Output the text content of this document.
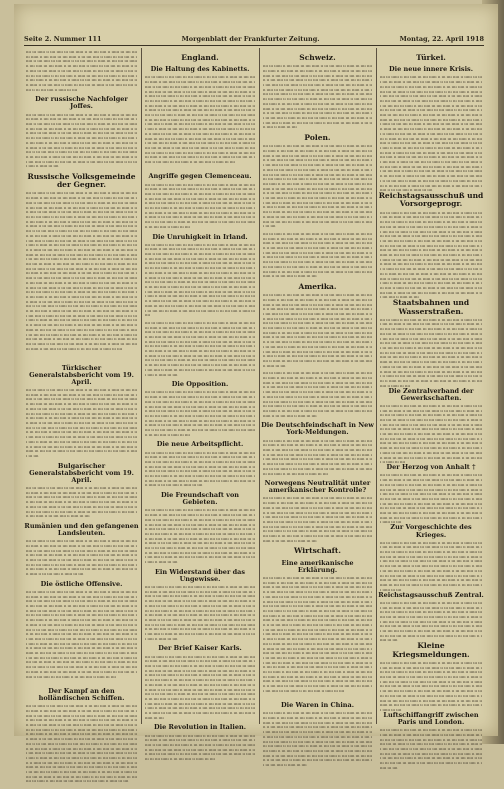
Seite 2. Nummer 111	Morgenblatt der Frankfurter Zeitung.	Montag, 22. April 1918
ıııı ııı ıııııı ıı ıııı ııııı ııı ıııı ıııııı ıı ııı ıııı ııııı ıı ıııııı ııı ıııı ıııı ııı ıııııı ıı ıııı ııııı ııı ıııı ıııııı ıı ııı ıııı ııııı ıı ıııııı ııı ıııı ıııı ııı ıııııı ıı ıııı ııııı ııı ıııı ıııııı ıı ııı ıııı ııııı ıı ıııııı ııı ıııı ıııı ııı ıııııı ıı ıııı ııııı ııı ıııı ıııııı ıı ııı ıııı ııııı ıı ıııııı ııı ıııı ıııı ııı ıııııı ıı ıııı ııııı ııı ıııı ıııııı ıı ııı ıııı ııııı ıı ıııııı ııı ıııı ıııı ııı ıııııı ıı ıııı ııııı ııı ıııı ıııııı ıı ııı ıııı ııııı ıı ıııııı ııı ıııı ıııı ııı ıııııı ıı ıııı ııııı ııı ıııı ıııııı ıı ııı ıııı ııııı ıı ıııııı ııı ıııı ıııı ııı ıııııı ıı ıııı ııııı ııı ıııı ıııııı ıı ııı ıııı ııııı ıı ıııııı ııı ıııı ıııı ııı ıııııı ıı ıııı ııııı ııı ıııı ıııııı ıı ııı ıııı ııııı ıı ıııııı ııı ıııı
Der russische Nachfolger Joffes.
ıııı ııı ıııııı ıı ıııı ııııı ııı ıııı ıııııı ıı ııı ıııı ııııı ıı ıııııı ııı ıııı ıııı ııı ıııııı ıı ıııı ııııı ııı ıııı ıııııı ıı ııı ıııı ııııı ıı ıııııı ııı ıııı ıııı ııı ıııııı ıı ıııı ııııı ııı ıııı ıııııı ıı ııı ıııı ııııı ıı ıııııı ııı ıııı ıııı ııı ıııııı ıı ıııı ııııı ııı ıııı ıııııı ıı ııı ıııı ııııı ıı ıııııı ııı ıııı ıııı ııı ıııııı ıı ıııı ııııı ııı ıııı ıııııı ıı ııı ıııı ııııı ıı ıııııı ııı ıııı ıııı ııı ıııııı ıı ıııı ııııı ııı ıııı ıııııı ıı ııı ıııı ııııı ıı ıııııı ııı ıııı ıııı ııı ıııııı ıı ıııı ııııı ııı ıııı ıııııı ıı ııı ıııı ııııı ıı ıııııı ııı ıııı ıııı ııı ıııııı ıı ıııı ııııı ııı ıııı ıııııı ıı ııı ıııı ııııı ıı ıııııı ııı ıııı ıııı ııı ıııııı ıı ıııı ııııı ııı ıııı ıııııı ıı ııı ıııı ııııı ıı ıııııı ııı ıııı ıııı ııı ıııııı ıı ıııı ııııı ııı ıııı ıııııı ıı ııı ıııı ııııı ıı ıııııı ııı ıııı ıııı ııı ıııııı ıı ıııı ııııı ııı ıııı ıııııı ıı ııı ıııı ııııı ıı ıııııı ııı ıııı ıııı ııı ıııııı ıı ıııı ııııı ııı ıııı ıııııı ıı ııı ıııı ııııı ıı ıııııı ııı ıııı
Russische Volksgemeinde der Gegner.
ıııı ııı ıııııı ıı ıııı ııııı ııı ıııı ıııııı ıı ııı ıııı ııııı ıı ıııııı ııı ıııı ıııı ııı ıııııı ıı ıııı ııııı ııı ıııı ıııııı ıı ııı ıııı ııııı ıı ıııııı ııı ıııı ıııı ııı ıııııı ıı ıııı ııııı ııı ıııı ıııııı ıı ııı ıııı ııııı ıı ıııııı ııı ıııı ıııı ııı ıııııı ıı ıııı ııııı ııı ıııı ıııııı ıı ııı ıııı ııııı ıı ıııııı ııı ıııı ıııı ııı ıııııı ıı ıııı ııııı ııı ıııı ıııııı ıı ııı ıııı ııııı ıı ıııııı ııı ıııı ıııı ııı ıııııı ıı ıııı ııııı ııı ıııı ıııııı ıı ııı ıııı ııııı ıı ıııııı ııı ıııı ıııı ııı ıııııı ıı ıııı ııııı ııı ıııı ıııııı ıı ııı ıııı ııııı ıı ıııııı ııı ıııı ıııı ııı ıııııı ıı ıııı ııııı ııı ıııı ıııııı ıı ııı ıııı ııııı ıı ıııııı ııı ıııı ıııı ııı ıııııı ıı ıııı ııııı ııı ıııı ıııııı ıı ııı ıııı ııııı ıı ıııııı ııı ıııı ıııı ııı ıııııı ıı ıııı ııııı ııı ıııı ıııııı ıı ııı ıııı ııııı ıı ıııııı ııı ıııı ıııı ııı ıııııı ıı ıııı ııııı ııı ıııı ıııııı ıı ııı ıııı ııııı ıı ıııııı ııı ıııı ıııı ııı ıııııı ıı ıııı ııııı ııı ıııı ıııııı ıı ııı ıııı ııııı ıı ıııııı ııı ıııı ıııı ııı ıııııı ıı ıııı ııııı ııı ıııı ıııııı ıı ııı ıııı ııııı ıı ıııııı ııı ıııı ıııı ııı ıııııı ıı ıııı ııııı ııı ıııı ıııııı ıı ııı ıııı ııııı ıı ıııııı ııı ıııı ıııı ııı ıııııı ıı ıııı ııııı ııı ıııı ıııııı ıı ııı ıııı ııııı ıı ıııııı ııı ıııı ıııı ııı ıııııı ıı ıııı ııııı ııı ıııı ıııııı ıı ııı ıııı ııııı ıı ıııııı ııı ıııı ıııı ııı ıııııı ıı ıııı ııııı ııı ıııı ıııııı ıı ııı ıııı ııııı ıı ıııııı ııı ıııı ıııı ııı ıııııı ıı ıııı ııııı ııı ıııı ıııııı ıı ııı ıııı ııııı ıı ıııııı ııı ıııı ıııı ııı ıııııı ıı ıııı ııııı ııı ıııı ıııııı ıı ııı ıııı ııııı ıı ıııııı ııı ıııı ıııı ııı ıııııı ıı ıııı ııııı ııı ıııı ıııııı ıı ııı ıııı ııııı ıı ıııııı ııı ıııı ıııı ııı ıııııı ıı ıııı ııııı ııı ıııı ıııııı ıı ııı ıııı ııııı ıı ıııııı ııı ıııı ıııı ııı ıııııı ıı ıııı ııııı ııı ıııı ıııııı ıı ııı ıııı ııııı ıı ıııııı ııı ıııı ıııı ııı ıııııı ıı ıııı ııııı ııı ıııı ıııııı ıı ııı ıııı ııııı ıı ıııııı ııı ıııı ıııı ııı ıııııı ıı ıııı ııııı ııı ıııı ıııııı ıı ııı ıııı ııııı ıı ıııııı ııı ıııı ıııı ııı ıııııı ıı ıııı ııııı ııı ıııı ıııııı ıı ııı ıııı ııııı ıı ıııııı ııı ıııı ıııı ııı ıııııı ıı ıııı ııııı ııı ıııı ıııııı ıı ııı ıııı ııııı ıı ıııııı ııı ıııı ıııı ııı ıııııı ıı ıııı ııııı ııı ıııı ıııııı ıı ııı ıııı ııııı ıı ıııııı ııı ıııı ıııı ııı ıııııı ıı ıııı ııııı ııı ıııı ıııııı ıı ııı ıııı ııııı ıı ıııııı ııı ıııı ıııı ııı ıııııı ıı ıııı ııııı ııı ıııı ıııııı ıı ııı ıııı ııııı ıı ıııııı ııı ıııı ıııı ııı ıııııı ıı ıııı ııııı ııı ıııı ıııııı ıı ııı ıııı ııııı ıı ıııııı ııı ıııı ıııı ııı ıııııı ıı ıııı ııııı ııı ıııı ıııııı ıı ııı ıııı ııııı ıı ıııııı ııı ıııı ıııı ııı ıııııı ıı ıııı ııııı ııı ıııı ıııııı ıı ııı ıııı ııııı ıı ıııııı ııı ıııı ıııı ııı ıııııı ıı ıııı ııııı ııı ıııı ıııııı ıı ııı ıııı ııııı ıı ıııııı ııı ıııı ıııı ııı ıııııı ıı ıııı ııııı ııı ıııı ıııııı ıı ııı ıııı ııııı ıı ıııııı ııı ıııı ıııı ııı ıııııı ıı ıııı ııııı ııı ıııı ıııııı ıı ııı ıııı ııııı ıı ıııııı ııı ıııı ıııı ııı ıııııı ıı ıııı ııııı ııı ıııı ıııııı ıı ııı ıııı ııııı ıı ıııııı ııı ıııı
Türkischer Generalstabsbericht vom 19. April.
ıııı ııı ıııııı ıı ıııı ııııı ııı ıııı ıııııı ıı ııı ıııı ııııı ıı ıııııı ııı ıııı ıııı ııı ıııııı ıı ıııı ııııı ııı ıııı ıııııı ıı ııı ıııı ııııı ıı ıııııı ııı ıııı ıııı ııı ıııııı ıı ıııı ııııı ııı ıııı ıııııı ıı ııı ıııı ııııı ıı ıııııı ııı ıııı ıııı ııı ıııııı ıı ıııı ııııı ııı ıııı ıııııı ıı ııı ıııı ııııı ıı ıııııı ııı ıııı ıııı ııı ıııııı ıı ıııı ııııı ııı ıııı ıııııı ıı ııı ıııı ııııı ıı ıııııı ııı ıııı ıııı ııı ıııııı ıı ıııı ııııı ııı ıııı ıııııı ıı ııı ıııı ııııı ıı ıııııı ııı ıııı ıııı ııı ıııııı ıı ıııı ııııı ııı ıııı ıııııı ıı ııı ıııı ııııı ıı ıııııı ııı ıııı ıııı ııı ıııııı ıı ıııı ııııı ııı ıııı ıııııı ıı ııı ıııı ııııı ıı ıııııı ııı ıııı ıııı ııı ıııııı ıı ıııı ııııı ııı ıııı ıııııı ıı ııı ıııı ııııı ıı ıııııı ııı ıııı ıııı ııı ıııııı ıı ıııı ııııı ııı ıııı ıııııı ıı ııı ıııı ııııı ıı ıııııı ııı ıııı ıııı ııı ıııııı ıı ıııı ııııı ııı ıııı ıııııı ıı ııı ıııı ııııı ıı ıııııı ııı ıııı ıııı ııı ıııııı ıı ıııı ııııı ııı ıııı ıııııı ıı ııı ıııı ııııı ıı ıııııı ııı ıııı ıııı ııı ıııııı ıı ıııı ııııı ııı ıııı ıııııı ıı ııı ıııı ııııı ıı ıııııı ııı ıııı ıııı ııı ıııııı ıı ıııı ııııı ııı ıııı ıııııı ıı ııı ıııı ııııı ıı ıııııı ııı ıııı ıııı ııı ıııııı ıı ıııı ııııı ııı ıııı ıııııı ıı ııı ıııı ııııı ıı ıııııı ııı ıııı
Bulgarischer Generalstabsbericht vom 19. April.
ıııı ııı ıııııı ıı ıııı ııııı ııı ıııı ıııııı ıı ııı ıııı ııııı ıı ıııııı ııı ıııı ıııı ııı ıııııı ıı ıııı ııııı ııı ıııı ıııııı ıı ııı ıııı ııııı ıı ıııııı ııı ıııı ıııı ııı ıııııı ıı ıııı ııııı ııı ıııı ıııııı ıı ııı ıııı ııııı ıı ıııııı ııı ıııı ıııı ııı ıııııı ıı ıııı ııııı ııı ıııı ıııııı ıı ııı ıııı ııııı ıı ıııııı ııı ıııı ıııı ııı ıııııı ıı ıııı ııııı ııı ıııı ıııııı ıı ııı ıııı ııııı ıı ıııııı ııı ıııı ıııı ııı ıııııı ıı ıııı ııııı ııı ıııı ıııııı ıı ııı ıııı ııııı ıı ıııııı ııı ıııı ıııı ııı ıııııı ıı ıııı ııııı ııı ıııı ıııııı ıı ııı ıııı ııııı ıı ıııııı ııı ıııı
Rumänien und den gefangenen Landsleuten.
ıııı ııı ıııııı ıı ıııı ııııı ııı ıııı ıııııı ıı ııı ıııı ııııı ıı ıııııı ııı ıııı ıııı ııı ıııııı ıı ıııı ııııı ııı ıııı ıııııı ıı ııı ıııı ııııı ıı ıııııı ııı ıııı ıııı ııı ıııııı ıı ıııı ııııı ııı ıııı ıııııı ıı ııı ıııı ııııı ıı ıııııı ııı ıııı ıııı ııı ıııııı ıı ıııı ııııı ııı ıııı ıııııı ıı ııı ıııı ııııı ıı ıııııı ııı ıııı ıııı ııı ıııııı ıı ıııı ııııı ııı ıııı ıııııı ıı ııı ıııı ııııı ıı ıııııı ııı ıııı ıııı ııı ıııııı ıı ıııı ııııı ııı ıııı ıııııı ıı ııı ıııı ııııı ıı ıııııı ııı ıııı ıııı ııı ıııııı ıı ıııı ııııı ııı ıııı ıııııı ıı ııı ıııı ııııı ıı ıııııı ııı ıııı ıııı ııı ıııııı ıı ıııı ııııı ııı ıııı ıııııı ıı ııı ıııı ııııı ıı ıııııı ııı ıııı
Die östliche Offensive.
ıııı ııı ıııııı ıı ıııı ııııı ııı ıııı ıııııı ıı ııı ıııı ııııı ıı ıııııı ııı ıııı ıııı ııı ıııııı ıı ıııı ııııı ııı ıııı ıııııı ıı ııı ıııı ııııı ıı ıııııı ııı ıııı ıııı ııı ıııııı ıı ıııı ııııı ııı ıııı ıııııı ıı ııı ıııı ııııı ıı ıııııı ııı ıııı ıııı ııı ıııııı ıı ıııı ııııı ııı ıııı ıııııı ıı ııı ıııı ııııı ıı ıııııı ııı ıııı ıııı ııı ıııııı ıı ıııı ııııı ııı ıııı ıııııı ıı ııı ıııı ııııı ıı ıııııı ııı ıııı ıııı ııı ıııııı ıı ıııı ııııı ııı ıııı ıııııı ıı ııı ıııı ııııı ıı ıııııı ııı ıııı ıııı ııı ıııııı ıı ıııı ııııı ııı ıııı ıııııı ıı ııı ıııı ııııı ıı ıııııı ııı ıııı ıııı ııı ıııııı ıı ıııı ııııı ııı ıııı ıııııı ıı ııı ıııı ııııı ıı ıııııı ııı ıııı ıııı ııı ıııııı ıı ıııı ııııı ııı ıııı ıııııı ıı ııı ıııı ııııı ıı ıııııı ııı ıııı ıııı ııı ıııııı ıı ıııı ııııı ııı ıııı ıııııı ıı ııı ıııı ııııı ıı ıııııı ııı ıııı ıııı ııı ıııııı ıı ıııı ııııı ııı ıııı ıııııı ıı ııı ıııı ııııı ıı ıııııı ııı ıııı ıııı ııı ıııııı ıı ıııı ııııı ııı ıııı ıııııı ıı ııı ıııı ııııı ıı ıııııı ııı ıııı ıııı ııı ıııııı ıı ıııı ııııı ııı ıııı ıııııı ıı ııı ıııı ııııı ıı ıııııı ııı ıııı ıııı ııı ıııııı ıı ıııı ııııı ııı ıııı ıııııı ıı ııı ıııı ııııı ıı ıııııı ııı ıııı ıııı ııı ıııııı ıı ıııı ııııı ııı ıııı ıııııı ıı ııı ıııı ııııı ıı ıııııı ııı ıııı ıııı ııı ıııııı ıı ıııı ııııı ııı ıııı ıııııı ıı ııı ıııı ııııı ıı ıııııı ııı ıııı ıııı ııı ıııııı ıı ıııı ııııı ııı ıııı ıııııı ıı ııı ıııı ııııı ıı ıııııı ııı ıııı ıııı ııı ıııııı ıı ıııı ııııı ııı ıııı ıııııı ıı ııı ıııı ııııı ıı ıııııı ııı ıııı ıııı ııı ıııııı ıı ıııı ııııı ııı ıııı ıııııı ıı ııı ıııı ııııı ıı ıııııı ııı ıııı ıııı ııı ıııııı ıı ıııı ııııı ııı ıııı ıııııı ıı ııı ıııı ııııı ıı ıııııı ııı ıııı
Der Kampf an den holländischen Schiffen.
ıııı ııı ıııııı ıı ıııı ııııı ııı ıııı ıııııı ıı ııı ıııı ııııı ıı ıııııı ııı ıııı ıııı ııı ıııııı ıı ıııı ııııı ııı ıııı ıııııı ıı ııı ıııı ııııı ıı ıııııı ııı ıııı ıııı ııı ıııııı ıı ıııı ııııı ııı ıııı ıııııı ıı ııı ıııı ııııı ıı ıııııı ııı ıııı ıııı ııı ıııııı ıı ıııı ııııı ııı ıııı ıııııı ıı ııı ıııı ııııı ıı ıııııı ııı ıııı ıııı ııı ıııııı ıı ıııı ııııı ııı ıııı ıııııı ıı ııı ıııı ııııı ıı ıııııı ııı ıııı ıııı ııı ıııııı ıı ıııı ııııı ııı ıııı ıııııı ıı ııı ıııı ııııı ıı ıııııı ııı ıııı ıııı ııı ıııııı ıı ıııı ııııı ııı ıııı ıııııı ıı ııı ıııı ııııı ıı ıııııı ııı ıııı ıııı ııı ıııııı ıı ıııı ııııı ııı ıııı ıııııı ıı ııı ıııı ııııı ıı ıııııı ııı ıııı ıııı ııı ıııııı ıı ıııı ııııı ııı ıııı ıııııı ıı ııı ıııı ııııı ıı ıııııı ııı ıııı ıııı ııı ıııııı ıı ıııı ııııı ııı ıııı ıııııı ıı ııı ıııı ııııı ıı ıııııı ııı ıııı ıııı ııı ıııııı ıı ıııı ııııı ııı ıııı ıııııı ıı ııı ıııı ııııı ıı ıııııı ııı ıııı ıııı ııı ıııııı ıı ıııı ııııı ııı ıııı ıııııı ıı ııı ıııı ııııı ıı ıııııı ııı ıııı ıııı ııı ıııııı ıı ıııı ııııı ııı ıııı ıııııı ıı ııı ıııı ııııı ıı ıııııı ııı ıııı ıııı ııı ıııııı ıı ıııı ııııı ııı ıııı ıııııı ıı ııı ıııı ııııı ıı ıııııı ııı ıııı ıııı ııı ıııııı ıı ıııı ııııı ııı ıııı ıııııı ıı ııı ıııı ııııı ıı ıııııı ııı ıııı ıııı ııı ıııııı ıı ıııı ııııı ııı ıııı ıııııı ıı ııı ıııı ııııı ıı ıııııı ııı ıııı ıııı ııı ıııııı ıı ıııı ııııı ııı ıııı ıııııı ıı ııı ıııı ııııı ıı ıııııı ııı ıııı ıııı ııı ıııııı ıı ıııı ııııı ııı ıııı ıııııı ıı ııı ıııı ııııı ıı ıııııı ııı ıııı
England.
Die Haltung des Kabinetts.
ıııı ııı ıııııı ıı ıııı ııııı ııı ıııı ıııııı ıı ııı ıııı ııııı ıı ıııııı ııı ıııı ıııı ııı ıııııı ıı ıııı ııııı ııı ıııı ıııııı ıı ııı ıııı ııııı ıı ıııııı ııı ıııı ıııı ııı ıııııı ıı ıııı ııııı ııı ıııı ıııııı ıı ııı ıııı ııııı ıı ıııııı ııı ıııı ıııı ııı ıııııı ıı ıııı ııııı ııı ıııı ıııııı ıı ııı ıııı ııııı ıı ıııııı ııı ıııı ıııı ııı ıııııı ıı ıııı ııııı ııı ıııı ıııııı ıı ııı ıııı ııııı ıı ıııııı ııı ıııı ıııı ııı ıııııı ıı ıııı ııııı ııı ıııı ıııııı ıı ııı ıııı ııııı ıı ıııııı ııı ıııı ıııı ııı ıııııı ıı ıııı ııııı ııı ıııı ıııııı ıı ııı ıııı ııııı ıı ıııııı ııı ıııı ıııı ııı ıııııı ıı ıııı ııııı ııı ıııı ıııııı ıı ııı ıııı ııııı ıı ıııııı ııı ıııı ıııı ııı ıııııı ıı ıııı ııııı ııı ıııı ıııııı ıı ııı ıııı ııııı ıı ıııııı ııı ıııı ıııı ııı ıııııı ıı ıııı ııııı ııı ıııı ıııııı ıı ııı ıııı ııııı ıı ıııııı ııı ıııı ıııı ııı ıııııı ıı ıııı ııııı ııı ıııı ıııııı ıı ııı ıııı ııııı ıı ıııııı ııı ıııı ıııı ııı ıııııı ıı ıııı ııııı ııı ıııı ıııııı ıı ııı ıııı ııııı ıı ıııııı ııı ıııı ıııı ııı ıııııı ıı ıııı ııııı ııı ıııı ıııııı ıı ııı ıııı ııııı ıı ıııııı ııı ıııı ıııı ııı ıııııı ıı ıııı ııııı ııı ıııı ıııııı ıı ııı ıııı ııııı ıı ıııııı ııı ıııı ıııı ııı ıııııı ıı ıııı ııııı ııı ıııı ıııııı ıı ııı ıııı ııııı ıı ıııııı ııı ıııı ıııı ııı ıııııı ıı ıııı ııııı ııı ıııı ıııııı ıı ııı ıııı ııııı ıı ıııııı ııı ıııı ıııı ııı ıııııı ıı ıııı ııııı ııı ıııı ıııııı ıı ııı ıııı ııııı ıı ıııııı ııı ıııı ıııı ııı ıııııı ıı ıııı ııııı ııı ıııı ıııııı ıı ııı ıııı ııııı ıı ıııııı ııı ıııı ıııı ııı ıııııı ıı ıııı ııııı ııı ıııı ıııııı ıı ııı ıııı ııııı ıı ıııııı ııı ıııı ıııı ııı ıııııı ıı ıııı ııııı ııı ıııı ıııııı ıı ııı ıııı ııııı ıı ıııııı ııı ıııı
Angriffe gegen Clemenceau.
ıııı ııı ıııııı ıı ıııı ııııı ııı ıııı ıııııı ıı ııı ıııı ııııı ıı ıııııı ııı ıııı ıııı ııı ıııııı ıı ıııı ııııı ııı ıııı ıııııı ıı ııı ıııı ııııı ıı ıııııı ııı ıııı ıııı ııı ıııııı ıı ıııı ııııı ııı ıııı ıııııı ıı ııı ıııı ııııı ıı ıııııı ııı ıııı ıııı ııı ıııııı ıı ıııı ııııı ııı ıııı ıııııı ıı ııı ıııı ııııı ıı ıııııı ııı ıııı ıııı ııı ıııııı ıı ıııı ııııı ııı ıııı ıııııı ıı ııı ıııı ııııı ıı ıııııı ııı ıııı ıııı ııı ıııııı ıı ıııı ııııı ııı ıııı ıııııı ıı ııı ıııı ııııı ıı ıııııı ııı ıııı ıııı ııı ıııııı ıı ıııı ııııı ııı ıııı ıııııı ıı ııı ıııı ııııı ıı ıııııı ııı ıııı ıııı ııı ıııııı ıı ıııı ııııı ııı ıııı ıııııı ıı ııı ıııı ııııı ıı ıııııı ııı ıııı ıııı ııı ıııııı ıı ıııı ııııı ııı ıııı ıııııı ıı ııı ıııı ııııı ıı ıııııı ııı ıııı ıııı ııı ıııııı ıı ıııı ııııı ııı ıııı ıııııı ıı ııı ıııı ııııı ıı ıııııı ııı ıııı
Die Unruhigkeit in Irland.
ıııı ııı ıııııı ıı ıııı ııııı ııı ıııı ıııııı ıı ııı ıııı ııııı ıı ıııııı ııı ıııı ıııı ııı ıııııı ıı ıııı ııııı ııı ıııı ıııııı ıı ııı ıııı ııııı ıı ıııııı ııı ıııı ıııı ııı ıııııı ıı ıııı ııııı ııı ıııı ıııııı ıı ııı ıııı ııııı ıı ıııııı ııı ıııı ıııı ııı ıııııı ıı ıııı ııııı ııı ıııı ıııııı ıı ııı ıııı ııııı ıı ıııııı ııı ıııı ıııı ııı ıııııı ıı ıııı ııııı ııı ıııı ıııııı ıı ııı ıııı ııııı ıı ıııııı ııı ıııı ıııı ııı ıııııı ıı ıııı ııııı ııı ıııı ıııııı ıı ııı ıııı ııııı ıı ıııııı ııı ıııı ıııı ııı ıııııı ıı ıııı ııııı ııı ıııı ıııııı ıı ııı ıııı ııııı ıı ıııııı ııı ıııı ıııı ııı ıııııı ıı ıııı ııııı ııı ıııı ıııııı ıı ııı ıııı ııııı ıı ıııııı ııı ıııı ıııı ııı ıııııı ıı ıııı ııııı ııı ıııı ıııııı ıı ııı ıııı ııııı ıı ıııııı ııı ıııı ıııı ııı ıııııı ıı ıııı ııııı ııı ıııı ıııııı ıı ııı ıııı ııııı ıı ıııııı ııı ıııı ıııı ııı ıııııı ıı ıııı ııııı ııı ıııı ıııııı ıı ııı ıııı ııııı ıı ıııııı ııı ıııı ıııı ııı ıııııı ıı ıııı ııııı ııı ıııı ıııııı ıı ııı ıııı ııııı ıı ıııııı ııı ıııı ıııı ııı ıııııı ıı ıııı ııııı ııı ıııı ıııııı ıı ııı ıııı ııııı ıı ıııııı ııı ıııı ıııı ııı ıııııı ıı ıııı ııııı ııı ıııı ıııııı ıı ııı ıııı ııııı ıı ıııııı ııı ıııı ıııı ııı ıııııı ıı ıııı ııııı ııı ıııı ıııııı ıı ııı ıııı ııııı ıı ıııııı ııı ıııı ıııı ııı ıııııı ıı ıııı ııııı ııı ıııı ıııııı ıı ııı ıııı ııııı ıı ıııııı ııı ıııı
ıııı ııı ıııııı ıı ıııı ııııı ııı ıııı ıııııı ıı ııı ıııı ııııı ıı ıııııı ııı ıııı ıııı ııı ıııııı ıı ıııı ııııı ııı ıııı ıııııı ıı ııı ıııı ııııı ıı ıııııı ııı ıııı ıııı ııı ıııııı ıı ıııı ııııı ııı ıııı ıııııı ıı ııı ıııı ııııı ıı ıııııı ııı ıııı ıııı ııı ıııııı ıı ıııı ııııı ııı ıııı ıııııı ıı ııı ıııı ııııı ıı ıııııı ııı ıııı ıııı ııı ıııııı ıı ıııı ııııı ııı ıııı ıııııı ıı ııı ıııı ııııı ıı ıııııı ııı ıııı ıııı ııı ıııııı ıı ıııı ııııı ııı ıııı ıııııı ıı ııı ıııı ııııı ıı ıııııı ııı ıııı ıııı ııı ıııııı ıı ıııı ııııı ııı ıııı ıııııı ıı ııı ıııı ııııı ıı ıııııı ııı ıııı ıııı ııı ıııııı ıı ıııı ııııı ııı ıııı ıııııı ıı ııı ıııı ııııı ıı ıııııı ııı ıııı ıııı ııı ıııııı ıı ıııı ııııı ııı ıııı ıııııı ıı ııı ıııı ııııı ıı ıııııı ııı ıııı ıııı ııı ıııııı ıı ıııı ııııı ııı ıııı ıııııı ıı ııı ıııı ııııı ıı ıııııı ııı ıııı ıııı ııı ıııııı ıı ıııı ııııı ııı ıııı ıııııı ıı ııı ıııı ııııı ıı ıııııı ııı ıııı ıııı ııı ıııııı ıı ıııı ııııı ııı ıııı ıııııı ıı ııı ıııı ııııı ıı ıııııı ııı ıııı
Die Opposition.
ıııı ııı ıııııı ıı ıııı ııııı ııı ıııı ıııııı ıı ııı ıııı ııııı ıı ıııııı ııı ıııı ıııı ııı ıııııı ıı ıııı ııııı ııı ıııı ıııııı ıı ııı ıııı ııııı ıı ıııııı ııı ıııı ıııı ııı ıııııı ıı ıııı ııııı ııı ıııı ıııııı ıı ııı ıııı ııııı ıı ıııııı ııı ıııı ıııı ııı ıııııı ıı ıııı ııııı ııı ıııı ıııııı ıı ııı ıııı ııııı ıı ıııııı ııı ıııı ıııı ııı ıııııı ıı ıııı ııııı ııı ıııı ıııııı ıı ııı ıııı ııııı ıı ıııııı ııı ıııı ıııı ııı ıııııı ıı ıııı ııııı ııı ıııı ıııııı ıı ııı ıııı ııııı ıı ıııııı ııı ıııı ıııı ııı ıııııı ıı ıııı ııııı ııı ıııı ıııııı ıı ııı ıııı ııııı ıı ıııııı ııı ıııı ıııı ııı ıııııı ıı ıııı ııııı ııı ıııı ıııııı ıı ııı ıııı ııııı ıı ıııııı ııı ıııı ıııı ııı ıııııı ıı ıııı ııııı ııı ıııı ıııııı ıı ııı ıııı ııııı ıı ıııııı ııı ıııı ıııı ııı ıııııı ıı ıııı ııııı ııı ıııı ıııııı ıı ııı ıııı ııııı ıı ıııııı ııı ıııı
Die neue Arbeitspflicht.
ıııı ııı ıııııı ıı ıııı ııııı ııı ıııı ıııııı ıı ııı ıııı ııııı ıı ıııııı ııı ıııı ıııı ııı ıııııı ıı ıııı ııııı ııı ıııı ıııııı ıı ııı ıııı ııııı ıı ıııııı ııı ıııı ıııı ııı ıııııı ıı ıııı ııııı ııı ıııı ıııııı ıı ııı ıııı ııııı ıı ıııııı ııı ıııı ıııı ııı ıııııı ıı ıııı ııııı ııı ıııı ıııııı ıı ııı ıııı ııııı ıı ıııııı ııı ıııı ıııı ııı ıııııı ıı ıııı ııııı ııı ıııı ıııııı ıı ııı ıııı ııııı ıı ıııııı ııı ıııı ıııı ııı ıııııı ıı ıııı ııııı ııı ıııı ıııııı ıı ııı ıııı ııııı ıı ıııııı ııı ıııı ıııı ııı ıııııı ıı ıııı ııııı ııı ıııı ıııııı ıı ııı ıııı ııııı ıı ıııııı ııı ıııı ıııı ııı ıııııı ıı ıııı ııııı ııı ıııı ıııııı ıı ııı ıııı ııııı ıı ıııııı ııı ıııı
Die Freundschaft von Gebieten.
ıııı ııı ıııııı ıı ıııı ııııı ııı ıııı ıııııı ıı ııı ıııı ııııı ıı ıııııı ııı ıııı ıııı ııı ıııııı ıı ıııı ııııı ııı ıııı ıııııı ıı ııı ıııı ııııı ıı ıııııı ııı ıııı ıııı ııı ıııııı ıı ıııı ııııı ııı ıııı ıııııı ıı ııı ıııı ııııı ıı ıııııı ııı ıııı ıııı ııı ıııııı ıı ıııı ııııı ııı ıııı ıııııı ıı ııı ıııı ııııı ıı ıııııı ııı ıııı ıııı ııı ıııııı ıı ıııı ııııı ııı ıııı ıııııı ıı ııı ıııı ııııı ıı ıııııı ııı ıııı ıııı ııı ıııııı ıı ıııı ııııı ııı ıııı ıııııı ıı ııı ıııı ııııı ıı ıııııı ııı ıııı ıııı ııı ıııııı ıı ıııı ııııı ııı ıııı ıııııı ıı ııı ıııı ııııı ıı ıııııı ııı ıııı ıııı ııı ıııııı ıı ıııı ııııı ııı ıııı ıııııı ıı ııı ıııı ııııı ıı ıııııı ııı ıııı ıııı ııı ıııııı ıı ıııı ııııı ııı ıııı ıııııı ıı ııı ıııı ııııı ıı ıııııı ııı ıııı ıııı ııı ıııııı ıı ıııı ııııı ııı ıııı ıııııı ıı ııı ıııı ııııı ıı ıııııı ııı ıııı ıııı ııı ıııııı ıı ıııı ııııı ııı ıııı ıııııı ıı ııı ıııı ııııı ıı ıııııı ııı ıııı ıııı ııı ıııııı ıı ıııı ııııı ııı ıııı ıııııı ıı ııı ıııı ııııı ıı ıııııı ııı ıııı
Ein Widerstand über das Ungewisse.
ıııı ııı ıııııı ıı ıııı ııııı ııı ıııı ıııııı ıı ııı ıııı ııııı ıı ıııııı ııı ıııı ıııı ııı ıııııı ıı ıııı ııııı ııı ıııı ıııııı ıı ııı ıııı ııııı ıı ıııııı ııı ıııı ıııı ııı ıııııı ıı ıııı ııııı ııı ıııı ıııııı ıı ııı ıııı ııııı ıı ıııııı ııı ıııı ıııı ııı ıııııı ıı ıııı ııııı ııı ıııı ıııııı ıı ııı ıııı ııııı ıı ıııııı ııı ıııı ıııı ııı ıııııı ıı ıııı ııııı ııı ıııı ıııııı ıı ııı ıııı ııııı ıı ıııııı ııı ıııı ıııı ııı ıııııı ıı ıııı ııııı ııı ıııı ıııııı ıı ııı ıııı ııııı ıı ıııııı ııı ıııı ıııı ııı ıııııı ıı ıııı ııııı ııı ıııı ıııııı ıı ııı ıııı ııııı ıı ıııııı ııı ıııı ıııı ııı ıııııı ıı ıııı ııııı ııı ıııı ıııııı ıı ııı ıııı ııııı ıı ıııııı ııı ıııı ıııı ııı ıııııı ıı ıııı ııııı ııı ıııı ıııııı ıı ııı ıııı ııııı ıı ıııııı ııı ıııı ıııı ııı ıııııı ıı ıııı ııııı ııı ıııı ıııııı ıı ııı ıııı ııııı ıı ıııııı ııı ıııı ıııı ııı ıııııı ıı ıııı ııııı ııı ıııı ıııııı ıı ııı ıııı ııııı ıı ıııııı ııı ıııı ıııı ııı ıııııı ıı ıııı ııııı ııı ıııı ıııııı ıı ııı ıııı ııııı ıı ıııııı ııı ıııı
Der Brief Kaiser Karls.
ıııı ııı ıııııı ıı ıııı ııııı ııı ıııı ıııııı ıı ııı ıııı ııııı ıı ıııııı ııı ıııı ıııı ııı ıııııı ıı ıııı ııııı ııı ıııı ıııııı ıı ııı ıııı ııııı ıı ıııııı ııı ıııı ıııı ııı ıııııı ıı ıııı ııııı ııı ıııı ıııııı ıı ııı ıııı ııııı ıı ıııııı ııı ıııı ıııı ııı ıııııı ıı ıııı ııııı ııı ıııı ıııııı ıı ııı ıııı ııııı ıı ıııııı ııı ıııı ıııı ııı ıııııı ıı ıııı ııııı ııı ıııı ıııııı ıı ııı ıııı ııııı ıı ıııııı ııı ıııı ıııı ııı ıııııı ıı ıııı ııııı ııı ıııı ıııııı ıı ııı ıııı ııııı ıı ıııııı ııı ıııı ıııı ııı ıııııı ıı ıııı ııııı ııı ıııı ıııııı ıı ııı ıııı ııııı ıı ıııııı ııı ıııı ıııı ııı ıııııı ıı ıııı ııııı ııı ıııı ıııııı ıı ııı ıııı ııııı ıı ıııııı ııı ıııı ıııı ııı ıııııı ıı ıııı ııııı ııı ıııı ıııııı ıı ııı ıııı ııııı ıı ıııııı ııı ıııı ıııı ııı ıııııı ıı ıııı ııııı ııı ıııı ıııııı ıı ııı ıııı ııııı ıı ıııııı ııı ıııı ıııı ııı ıııııı ıı ıııı ııııı ııı ıııı ıııııı ıı ııı ıııı ııııı ıı ıııııı ııı ıııı ıııı ııı ıııııı ıı ıııı ııııı ııı ıııı ıııııı ıı ııı ıııı ııııı ıı ıııııı ııı ıııı ıııı ııı ıııııı ıı ıııı ııııı ııı ıııı ıııııı ıı ııı ıııı ııııı ıı ıııııı ııı ıııı ıııı ııı ıııııı ıı ıııı ııııı ııı ıııı ıııııı ıı ııı ıııı ııııı ıı ıııııı ııı ıııı
Die Revolution in Italien.
ıııı ııı ıııııı ıı ıııı ııııı ııı ıııı ıııııı ıı ııı ıııı ııııı ıı ıııııı ııı ıııı ıııı ııı ıııııı ıı ıııı ııııı ııı ıııı ıııııı ıı ııı ıııı ııııı ıı ıııııı ııı ıııı ıııı ııı ıııııı ıı ıııı ııııı ııı ıııı ıııııı ıı ııı ıııı ııııı ıı ıııııı ııı ıııı ıııı ııı ıııııı ıı ıııı ııııı ııı ıııı ıııııı ıı ııı ıııı ııııı ıı ıııııı ııı ıııı ıııı ııı ıııııı ıı ıııı ııııı ııı ıııı ıııııı ıı ııı ıııı ııııı ıı ıııııı ııı ıııı ıııı ııı ıııııı ıı ıııı ııııı ııı ıııı ıııııı ıı ııı ıııı ııııı ıı ıııııı ııı ıııı
Schweiz.
ıııı ııı ıııııı ıı ıııı ııııı ııı ıııı ıııııı ıı ııı ıııı ııııı ıı ıııııı ııı ıııı ıııı ııı ıııııı ıı ıııı ııııı ııı ıııı ıııııı ıı ııı ıııı ııııı ıı ıııııı ııı ıııı ıııı ııı ıııııı ıı ıııı ııııı ııı ıııı ıııııı ıı ııı ıııı ııııı ıı ıııııı ııı ıııı ıııı ııı ıııııı ıı ıııı ııııı ııı ıııı ıııııı ıı ııı ıııı ııııı ıı ıııııı ııı ıııı ıııı ııı ıııııı ıı ıııı ııııı ııı ıııı ıııııı ıı ııı ıııı ııııı ıı ıııııı ııı ıııı ıııı ııı ıııııı ıı ıııı ııııı ııı ıııı ıııııı ıı ııı ıııı ııııı ıı ıııııı ııı ıııı ıııı ııı ıııııı ıı ıııı ııııı ııı ıııı ıııııı ıı ııı ıııı ııııı ıı ıııııı ııı ıııı ıııı ııı ıııııı ıı ıııı ııııı ııı ıııı ıııııı ıı ııı ıııı ııııı ıı ıııııı ııı ıııı ıııı ııı ıııııı ıı ıııı ııııı ııı ıııı ıııııı ıı ııı ıııı ııııı ıı ıııııı ııı ıııı ıııı ııı ıııııı ıı ıııı ııııı ııı ıııı ıııııı ıı ııı ıııı ııııı ıı ıııııı ııı ıııı ıııı ııı ıııııı ıı ıııı ııııı ııı ıııı ıııııı ıı ııı ıııı ııııı ıı ıııııı ııı ıııı ıııı ııı ıııııı ıı ıııı ııııı ııı ıııı ıııııı ıı ııı ıııı ııııı ıı ıııııı ııı ıııı ıııı ııı ıııııı ıı ıııı ııııı ııı ıııı ıııııı ıı ııı ıııı ııııı ıı ıııııı ııı ıııı ıııı ııı ıııııı ıı ıııı ııııı ııı ıııı ıııııı ıı ııı ıııı ııııı ıı ıııııı ııı ıııı
Polen.
ıııı ııı ıııııı ıı ıııı ııııı ııı ıııı ıııııı ıı ııı ıııı ııııı ıı ıııııı ııı ıııı ıııı ııı ıııııı ıı ıııı ııııı ııı ıııı ıııııı ıı ııı ıııı ııııı ıı ıııııı ııı ıııı ıııı ııı ıııııı ıı ıııı ııııı ııı ıııı ıııııı ıı ııı ıııı ııııı ıı ıııııı ııı ıııı ıııı ııı ıııııı ıı ıııı ııııı ııı ıııı ıııııı ıı ııı ıııı ııııı ıı ıııııı ııı ıııı ıııı ııı ıııııı ıı ıııı ııııı ııı ıııı ıııııı ıı ııı ıııı ııııı ıı ıııııı ııı ıııı ıııı ııı ıııııı ıı ıııı ııııı ııı ıııı ıııııı ıı ııı ıııı ııııı ıı ıııııı ııı ıııı ıııı ııı ıııııı ıı ıııı ııııı ııı ıııı ıııııı ıı ııı ıııı ııııı ıı ıııııı ııı ıııı ıııı ııı ıııııı ıı ıııı ııııı ııı ıııı ıııııı ıı ııı ıııı ııııı ıı ıııııı ııı ıııı ıııı ııı ıııııı ıı ıııı ııııı ııı ıııı ıııııı ıı ııı ıııı ııııı ıı ıııııı ııı ıııı ıııı ııı ıııııı ıı ıııı ııııı ııı ıııı ıııııı ıı ııı ıııı ııııı ıı ıııııı ııı ıııı ıııı ııı ıııııı ıı ıııı ııııı ııı ıııı ıııııı ıı ııı ıııı ııııı ıı ıııııı ııı ıııı ıııı ııı ıııııı ıı ıııı ııııı ııı ıııı ıııııı ıı ııı ıııı ııııı ıı ıııııı ııı ıııı ıııı ııı ıııııı ıı ıııı ııııı ııı ıııı ıııııı ıı ııı ıııı ııııı ıı ıııııı ııı ıııı ıııı ııı ıııııı ıı ıııı ııııı ııı ıııı ıııııı ıı ııı ıııı ııııı ıı ıııııı ııı ıııı ıııı ııı ıııııı ıı ıııı ııııı ııı ıııı ıııııı ıı ııı ıııı ııııı ıı ıııııı ııı ıııı ıııı ııı ıııııı ıı ıııı ııııı ııı ıııı ıııııı ıı ııı ıııı ııııı ıı ıııııı ııı ıııı ıııı ııı ıııııı ıı ıııı ııııı ııı ıııı ıııııı ıı ııı ıııı ııııı ıı ıııııı ııı ıııı ıııı ııı ıııııı ıı ıııı ııııı ııı ıııı ıııııı ıı ııı ıııı ııııı ıı ıııııı ııı ıııı
ıııı ııı ıııııı ıı ıııı ııııı ııı ıııı ıııııı ıı ııı ıııı ııııı ıı ıııııı ııı ıııı ıııı ııı ıııııı ıı ıııı ııııı ııı ıııı ıııııı ıı ııı ıııı ııııı ıı ıııııı ııı ıııı ıııı ııı ıııııı ıı ıııı ııııı ııı ıııı ıııııı ıı ııı ıııı ııııı ıı ıııııı ııı ıııı ıııı ııı ıııııı ıı ıııı ııııı ııı ıııı ıııııı ıı ııı ıııı ııııı ıı ıııııı ııı ıııı ıııı ııı ıııııı ıı ıııı ııııı ııı ıııı ıııııı ıı ııı ıııı ııııı ıı ıııııı ııı ıııı ıııı ııı ıııııı ıı ıııı ııııı ııı ıııı ıııııı ıı ııı ıııı ııııı ıı ıııııı ııı ıııı ıııı ııı ıııııı ıı ıııı ııııı ııı ıııı ıııııı ıı ııı ıııı ııııı ıı ıııııı ııı ıııı ıııı ııı ıııııı ıı ıııı ııııı ııı ıııı ıııııı ıı ııı ıııı ııııı ıı ıııııı ııı ıııı ıııı ııı ıııııı ıı ıııı ııııı ııı ıııı ıııııı ıı ııı ıııı ııııı ıı ıııııı ııı ıııı ıııı ııı ıııııı ıı ıııı ııııı ııı ıııı ıııııı ıı ııı ıııı ııııı ıı ıııııı ııı ıııı
Amerika.
ıııı ııı ıııııı ıı ıııı ııııı ııı ıııı ıııııı ıı ııı ıııı ııııı ıı ıııııı ııı ıııı ıııı ııı ıııııı ıı ıııı ııııı ııı ıııı ıııııı ıı ııı ıııı ııııı ıı ıııııı ııı ıııı ıııı ııı ıııııı ıı ıııı ııııı ııı ıııı ıııııı ıı ııı ıııı ııııı ıı ıııııı ııı ıııı ıııı ııı ıııııı ıı ıııı ııııı ııı ıııı ıııııı ıı ııı ıııı ııııı ıı ıııııı ııı ıııı ıııı ııı ıııııı ıı ıııı ııııı ııı ıııı ıııııı ıı ııı ıııı ııııı ıı ıııııı ııı ıııı ıııı ııı ıııııı ıı ıııı ııııı ııı ıııı ıııııı ıı ııı ıııı ııııı ıı ıııııı ııı ıııı ıııı ııı ıııııı ıı ıııı ııııı ııı ıııı ıııııı ıı ııı ıııı ııııı ıı ıııııı ııı ıııı ıııı ııı ıııııı ıı ıııı ııııı ııı ıııı ıııııı ıı ııı ıııı ııııı ıı ıııııı ııı ıııı ıııı ııı ıııııı ıı ıııı ııııı ııı ıııı ıııııı ıı ııı ıııı ııııı ıı ıııııı ııı ıııı ıııı ııı ıııııı ıı ıııı ııııı ııı ıııı ıııııı ıı ııı ıııı ııııı ıı ıııııı ııı ıııı ıııı ııı ıııııı ıı ıııı ııııı ııı ıııı ıııııı ıı ııı ıııı ııııı ıı ıııııı ııı ıııı ıııı ııı ıııııı ıı ıııı ııııı ııı ıııı ıııııı ıı ııı ıııı ııııı ıı ıııııı ııı ıııı ıııı ııı ıııııı ıı ıııı ııııı ııı ıııı ıııııı ıı ııı ıııı ııııı ıı ıııııı ııı ıııı ıııı ııı ıııııı ıı ıııı ııııı ııı ıııı ıııııı ıı ııı ıııı ııııı ıı ıııııı ııı ıııı ıııı ııı ıııııı ıı ıııı ııııı ııı ıııı ıııııı ıı ııı ıııı ııııı ıı ıııııı ııı ıııı ıııı ııı ıııııı ıı ıııı ııııı ııı ıııı ıııııı ıı ııı ıııı ııııı ıı ıııııı ııı ıııı
ıııı ııı ıııııı ıı ıııı ııııı ııı ıııı ıııııı ıı ııı ıııı ııııı ıı ıııııı ııı ıııı ıııı ııı ıııııı ıı ıııı ııııı ııı ıııı ıııııı ıı ııı ıııı ııııı ıı ıııııı ııı ıııı ıııı ııı ıııııı ıı ıııı ııııı ııı ıııı ıııııı ıı ııı ıııı ııııı ıı ıııııı ııı ıııı ıııı ııı ıııııı ıı ıııı ııııı ııı ıııı ıııııı ıı ııı ıııı ııııı ıı ıııııı ııı ıııı ıııı ııı ıııııı ıı ıııı ııııı ııı ıııı ıııııı ıı ııı ıııı ııııı ıı ıııııı ııı ıııı ıııı ııı ıııııı ıı ıııı ııııı ııı ıııı ıııııı ıı ııı ıııı ııııı ıı ıııııı ııı ıııı ıııı ııı ıııııı ıı ıııı ııııı ııı ıııı ıııııı ıı ııı ıııı ııııı ıı ıııııı ııı ıııı ıııı ııı ıııııı ıı ıııı ııııı ııı ıııı ıııııı ıı ııı ıııı ııııı ıı ıııııı ııı ıııı ıııı ııı ıııııı ıı ıııı ııııı ııı ıııı ıııııı ıı ııı ıııı ııııı ıı ıııııı ııı ıııı ıııı ııı ıııııı ıı ıııı ııııı ııı ıııı ıııııı ıı ııı ıııı ııııı ıı ıııııı ııı ıııı
Die Deutschfeindschaft in New York-Meldungen.
ıııı ııı ıııııı ıı ıııı ııııı ııı ıııı ıııııı ıı ııı ıııı ııııı ıı ıııııı ııı ıııı ıııı ııı ıııııı ıı ıııı ııııı ııı ıııı ıııııı ıı ııı ıııı ııııı ıı ıııııı ııı ıııı ıııı ııı ıııııı ıı ıııı ııııı ııı ıııı ıııııı ıı ııı ıııı ııııı ıı ıııııı ııı ıııı ıııı ııı ıııııı ıı ıııı ııııı ııı ıııı ıııııı ıı ııı ıııı ııııı ıı ıııııı ııı ıııı ıııı ııı ıııııı ıı ıııı ııııı ııı ıııı ıııııı ıı ııı ıııı ııııı ıı ıııııı ııı ıııı ıııı ııı ıııııı ıı ıııı ııııı ııı ıııı ıııııı ıı ııı ıııı ııııı ıı ıııııı ııı ıııı ıııı ııı ıııııı ıı ıııı ııııı ııı ıııı ıııııı ıı ııı ıııı ııııı ıı ıııııı ııı ıııı ıııı ııı ıııııı ıı ıııı ııııı ııı ıııı ıııııı ıı ııı ıııı ııııı ıı ıııııı ııı ıııı
Norwegens Neutralität unter amerikanischer Kontrolle?
ıııı ııı ıııııı ıı ıııı ııııı ııı ıııı ıııııı ıı ııı ıııı ııııı ıı ıııııı ııı ıııı ıııı ııı ıııııı ıı ıııı ııııı ııı ıııı ıııııı ıı ııı ıııı ııııı ıı ıııııı ııı ıııı ıııı ııı ıııııı ıı ıııı ııııı ııı ıııı ıııııı ıı ııı ıııı ııııı ıı ıııııı ııı ıııı ıııı ııı ıııııı ıı ıııı ııııı ııı ıııı ıııııı ıı ııı ıııı ııııı ıı ıııııı ııı ıııı ıııı ııı ıııııı ıı ıııı ııııı ııı ıııı ıııııı ıı ııı ıııı ııııı ıı ıııııı ııı ıııı ıııı ııı ıııııı ıı ıııı ııııı ııı ıııı ıııııı ıı ııı ıııı ııııı ıı ıııııı ııı ıııı ıııı ııı ıııııı ıı ıııı ııııı ııı ıııı ıııııı ıı ııı ıııı ııııı ıı ıııııı ııı ıııı ıııı ııı ıııııı ıı ıııı ııııı ııı ıııı ıııııı ıı ııı ıııı ııııı ıı ıııııı ııı ıııı ıııı ııı ıııııı ıı ıııı ııııı ııı ıııı ıııııı ıı ııı ıııı ııııı ıı ıııııı ııı ıııı ıııı ııı ıııııı ıı ıııı ııııı ııı ıııı ıııııı ıı ııı ıııı ııııı ıı ıııııı ııı ıııı
Wirtschaft.
Eine amerikanische Erklärung.
ıııı ııı ıııııı ıı ıııı ııııı ııı ıııı ıııııı ıı ııı ıııı ııııı ıı ıııııı ııı ıııı ıııı ııı ıııııı ıı ıııı ııııı ııı ıııı ıııııı ıı ııı ıııı ııııı ıı ıııııı ııı ıııı ıııı ııı ıııııı ıı ıııı ııııı ııı ıııı ıııııı ıı ııı ıııı ııııı ıı ıııııı ııı ıııı ıııı ııı ıııııı ıı ıııı ııııı ııı ıııı ıııııı ıı ııı ıııı ııııı ıı ıııııı ııı ıııı ıııı ııı ıııııı ıı ıııı ııııı ııı ıııı ıııııı ıı ııı ıııı ııııı ıı ıııııı ııı ıııı ıııı ııı ıııııı ıı ıııı ııııı ııı ıııı ıııııı ıı ııı ıııı ııııı ıı ıııııı ııı ıııı ıııı ııı ıııııı ıı ıııı ııııı ııı ıııı ıııııı ıı ııı ıııı ııııı ıı ıııııı ııı ıııı ıııı ııı ıııııı ıı ıııı ııııı ııı ıııı ıııııı ıı ııı ıııı ııııı ıı ıııııı ııı ıııı ıııı ııı ıııııı ıı ıııı ııııı ııı ıııı ıııııı ıı ııı ıııı ııııı ıı ıııııı ııı ıııı ıııı ııı ıııııı ıı ıııı ııııı ııı ıııı ıııııı ıı ııı ıııı ııııı ıı ıııııı ııı ıııı ıııı ııı ıııııı ıı ıııı ııııı ııı ıııı ıııııı ıı ııı ıııı ııııı ıı ıııııı ııı ıııı ıııı ııı ıııııı ıı ıııı ııııı ııı ıııı ıııııı ıı ııı ıııı ııııı ıı ıııııı ııı ıııı ıııı ııı ıııııı ıı ıııı ııııı ııı ıııı ıııııı ıı ııı ıııı ııııı ıı ıııııı ııı ıııı ıııı ııı ıııııı ıı ıııı ııııı ııı ıııı ıııııı ıı ııı ıııı ııııı ıı ıııııı ııı ıııı ıııı ııı ıııııı ıı ıııı ııııı ııı ıııı ıııııı ıı ııı ıııı ııııı ıı ıııııı ııı ıııı ıııı ııı ıııııı ıı ıııı ııııı ııı ıııı ıııııı ıı ııı ıııı ııııı ıı ıııııı ııı ıııı ıııı ııı ıııııı ıı ıııı ııııı ııı ıııı ıııııı ıı ııı ıııı ııııı ıı ıııııı ııı ıııı ıııı ııı ıııııı ıı ıııı ııııı ııı ıııı ıııııı ıı ııı ıııı ııııı ıı ıııııı ııı ıııı ıııı ııı ıııııı ıı ıııı ııııı ııı ıııı ıııııı ıı ııı ıııı ııııı ıı ıııııı ııı ıııı ıııı ııı ıııııı ıı ıııı ııııı ııı ıııı ıııııı ıı ııı ıııı ııııı ıı ıııııı ııı ıııı ıııı ııı ıııııı ıı ıııı ııııı ııı ıııı ıııııı ıı ııı ıııı ııııı ıı ıııııı ııı ıııı ıııı ııı ıııııı ıı ıııı ııııı ııı ıııı ıııııı ıı ııı ıııı ııııı ıı ıııııı ııı ıııı ıııı ııı ıııııı ıı ıııı ııııı ııı ıııı ıııııı ıı ııı ıııı ııııı ıı ıııııı ııı ıııı ıııı ııı ıııııı ıı ıııı ııııı ııı ıııı ıııııı ıı ııı ıııı ııııı ıı ıııııı ııı ıııı ıııı ııı ıııııı ıı ıııı ııııı ııı ıııı ıııııı ıı ııı ıııı ııııı ıı ıııııı ııı ıııı ıııı ııı ıııııı ıı ıııı ııııı ııı ıııı ıııııı ıı ııı ıııı ııııı ıı ıııııı ııı ıııı
Die Waren in China.
ıııı ııı ıııııı ıı ıııı ııııı ııı ıııı ıııııı ıı ııı ıııı ııııı ıı ıııııı ııı ıııı ıııı ııı ıııııı ıı ıııı ııııı ııı ıııı ıııııı ıı ııı ıııı ııııı ıı ıııııı ııı ıııı ıııı ııı ıııııı ıı ıııı ııııı ııı ıııı ıııııı ıı ııı ıııı ııııı ıı ıııııı ııı ıııı ıııı ııı ıııııı ıı ıııı ııııı ııı ıııı ıııııı ıı ııı ıııı ııııı ıı ıııııı ııı ıııı ıııı ııı ıııııı ıı ıııı ııııı ııı ıııı ıııııı ıı ııı ıııı ııııı ıı ıııııı ııı ıııı ıııı ııı ıııııı ıı ıııı ııııı ııı ıııı ıııııı ıı ııı ıııı ııııı ıı ıııııı ııı ıııı ıııı ııı ıııııı ıı ıııı ııııı ııı ıııı ıııııı ıı ııı ıııı ııııı ıı ıııııı ııı ıııı ıııı ııı ıııııı ıı ıııı ııııı ııı ıııı ıııııı ıı ııı ıııı ııııı ıı ıııııı ııı ıııı ıııı ııı ıııııı ıı ıııı ııııı ııı ıııı ıııııı ıı ııı ıııı ııııı ıı ıııııı ııı ıııı ıııı ııı ıııııı ıı ıııı ııııı ııı ıııı ıııııı ıı ııı ıııı ııııı ıı ıııııı ııı ıııı ıııı ııı ıııııı ıı ıııı ııııı ııı ıııı ıııııı ıı ııı ıııı ııııı ıı ıııııı ııı ıııı ıııı ııı ıııııı ıı ıııı ııııı ııı ıııı ıııııı ıı ııı ıııı ııııı ıı ıııııı ııı ıııı
Türkei.
Die neue innere Krisis.
ıııı ııı ıııııı ıı ıııı ııııı ııı ıııı ıııııı ıı ııı ıııı ııııı ıı ıııııı ııı ıııı ıııı ııı ıııııı ıı ıııı ııııı ııı ıııı ıııııı ıı ııı ıııı ııııı ıı ıııııı ııı ıııı ıııı ııı ıııııı ıı ıııı ııııı ııı ıııı ıııııı ıı ııı ıııı ııııı ıı ıııııı ııı ıııı ıııı ııı ıııııı ıı ıııı ııııı ııı ıııı ıııııı ıı ııı ıııı ııııı ıı ıııııı ııı ıııı ıııı ııı ıııııı ıı ıııı ııııı ııı ıııı ıııııı ıı ııı ıııı ııııı ıı ıııııı ııı ıııı ıııı ııı ıııııı ıı ıııı ııııı ııı ıııı ıııııı ıı ııı ıııı ııııı ıı ıııııı ııı ıııı ıııı ııı ıııııı ıı ıııı ııııı ııı ıııı ıııııı ıı ııı ıııı ııııı ıı ıııııı ııı ıııı ıııı ııı ıııııı ıı ıııı ııııı ııı ıııı ıııııı ıı ııı ıııı ııııı ıı ıııııı ııı ıııı ıııı ııı ıııııı ıı ıııı ııııı ııı ıııı ıııııı ıı ııı ıııı ııııı ıı ıııııı ııı ıııı ıııı ııı ıııııı ıı ıııı ııııı ııı ıııı ıııııı ıı ııı ıııı ııııı ıı ıııııı ııı ıııı ıııı ııı ıııııı ıı ıııı ııııı ııı ıııı ıııııı ıı ııı ıııı ııııı ıı ıııııı ııı ıııı ıııı ııı ıııııı ıı ıııı ııııı ııı ıııı ıııııı ıı ııı ıııı ııııı ıı ıııııı ııı ıııı ıııı ııı ıııııı ıı ıııı ııııı ııı ıııı ıııııı ıı ııı ıııı ııııı ıı ıııııı ııı ıııı ıııı ııı ıııııı ıı ıııı ııııı ııı ıııı ıııııı ıı ııı ıııı ııııı ıı ıııııı ııı ıııı ıııı ııı ıııııı ıı ıııı ııııı ııı ıııı ıııııı ıı ııı ıııı ııııı ıı ıııııı ııı ıııı ıııı ııı ıııııı ıı ıııı ııııı ııı ıııı ıııııı ıı ııı ıııı ııııı ıı ıııııı ııı ıııı ıııı ııı ıııııı ıı ıııı ııııı ııı ıııı ıııııı ıı ııı ıııı ııııı ıı ıııııı ııı ıııı ıııı ııı ıııııı ıı ıııı ııııı ııı ıııı ıııııı ıı ııı ıııı ııııı ıı ıııııı ııı ıııı ıııı ııı ıııııı ıı ıııı ııııı ııı ıııı ıııııı ıı ııı ıııı ııııı ıı ıııııı ııı ıııı ıııı ııı ıııııı ıı ıııı ııııı ııı ıııı ıııııı ıı ııı ıııı ııııı ıı ıııııı ııı ıııı ıııı ııı ıııııı ıı ıııı ııııı ııı ıııı ıııııı ıı ııı ıııı ııııı ıı ıııııı ııı ıııı ıııı ııı ıııııı ıı ıııı ııııı ııı ıııı ıııııı ıı ııı ıııı ııııı ıı ıııııı ııı ıııı ıııı ııı ıııııı ıı ıııı ııııı ııı ıııı ıııııı ıı ııı ıııı ııııı ıı ıııııı ııı ıııı ıııı ııı ıııııı ıı ıııı ııııı ııı ıııı ıııııı ıı ııı ıııı ııııı ıı ıııııı ııı ıııı
Reichstagsausschuß und Vorsorgeprogr.
ıııı ııı ıııııı ıı ıııı ııııı ııı ıııı ıııııı ıı ııı ıııı ııııı ıı ıııııı ııı ıııı ıııı ııı ıııııı ıı ıııı ııııı ııı ıııı ıııııı ıı ııı ıııı ııııı ıı ıııııı ııı ıııı ıııı ııı ıııııı ıı ıııı ııııı ııı ıııı ıııııı ıı ııı ıııı ııııı ıı ıııııı ııı ıııı ıııı ııı ıııııı ıı ıııı ııııı ııı ıııı ıııııı ıı ııı ıııı ııııı ıı ıııııı ııı ıııı ıııı ııı ıııııı ıı ıııı ııııı ııı ıııı ıııııı ıı ııı ıııı ııııı ıı ıııııı ııı ıııı ıııı ııı ıııııı ıı ıııı ııııı ııı ıııı ıııııı ıı ııı ıııı ııııı ıı ıııııı ııı ıııı ıııı ııı ıııııı ıı ıııı ııııı ııı ıııı ıııııı ıı ııı ıııı ııııı ıı ıııııı ııı ıııı ıııı ııı ıııııı ıı ıııı ııııı ııı ıııı ıııııı ıı ııı ıııı ııııı ıı ıııııı ııı ıııı ıııı ııı ıııııı ıı ıııı ııııı ııı ıııı ıııııı ıı ııı ıııı ııııı ıı ıııııı ııı ıııı ıııı ııı ıııııı ıı ıııı ııııı ııı ıııı ıııııı ıı ııı ıııı ııııı ıı ıııııı ııı ıııı ıııı ııı ıııııı ıı ıııı ııııı ııı ıııı ıııııı ıı ııı ıııı ııııı ıı ıııııı ııı ıııı ıııı ııı ıııııı ıı ıııı ııııı ııı ıııı ıııııı ıı ııı ıııı ııııı ıı ıııııı ııı ıııı ıııı ııı ıııııı ıı ıııı ııııı ııı ıııı ıııııı ıı ııı ıııı ııııı ıı ıııııı ııı ıııı ıııı ııı ıııııı ıı ıııı ııııı ııı ıııı ıııııı ıı ııı ıııı ııııı ıı ıııııı ııı ıııı ıııı ııı ıııııı ıı ıııı ııııı ııı ıııı ıııııı ıı ııı ıııı ııııı ıı ıııııı ııı ıııı ıııı ııı ıııııı ıı ıııı ııııı ııı ıııı ıııııı ıı ııı ıııı ııııı ıı ıııııı ııı ıııı ıııı ııı ıııııı ıı ıııı ııııı ııı ıııı ıııııı ıı ııı ıııı ııııı ıı ıııııı ııı ıııı ıııı ııı ıııııı ıı ıııı ııııı ııı ıııı ıııııı ıı ııı ıııı ııııı ıı ıııııı ııı ıııı
Staatsbahnen und Wasserstraßen.
ıııı ııı ıııııı ıı ıııı ııııı ııı ıııı ıııııı ıı ııı ıııı ııııı ıı ıııııı ııı ıııı ıııı ııı ıııııı ıı ıııı ııııı ııı ıııı ıııııı ıı ııı ıııı ııııı ıı ıııııı ııı ıııı ıııı ııı ıııııı ıı ıııı ııııı ııı ıııı ıııııı ıı ııı ıııı ııııı ıı ıııııı ııı ıııı ıııı ııı ıııııı ıı ıııı ııııı ııı ıııı ıııııı ıı ııı ıııı ııııı ıı ıııııı ııı ıııı ıııı ııı ıııııı ıı ıııı ııııı ııı ıııı ıııııı ıı ııı ıııı ııııı ıı ıııııı ııı ıııı ıııı ııı ıııııı ıı ıııı ııııı ııı ıııı ıııııı ıı ııı ıııı ııııı ıı ıııııı ııı ıııı ıııı ııı ıııııı ıı ıııı ııııı ııı ıııı ıııııı ıı ııı ıııı ııııı ıı ıııııı ııı ıııı ıııı ııı ıııııı ıı ıııı ııııı ııı ıııı ıııııı ıı ııı ıııı ııııı ıı ıııııı ııı ıııı ıııı ııı ıııııı ıı ıııı ııııı ııı ıııı ıııııı ıı ııı ıııı ııııı ıı ıııııı ııı ıııı ıııı ııı ıııııı ıı ıııı ııııı ııı ıııı ıııııı ıı ııı ıııı ııııı ıı ıııııı ııı ıııı ıııı ııı ıııııı ıı ıııı ııııı ııı ıııı ıııııı ıı ııı ıııı ııııı ıı ıııııı ııı ıııı ıııı ııı ıııııı ıı ıııı ııııı ııı ıııı ıııııı ıı ııı ıııı ııııı ıı ıııııı ııı ıııı ıııı ııı ıııııı ıı ıııı ııııı ııı ıııı ıııııı ıı ııı ıııı ııııı ıı ıııııı ııı ıııı ıııı ııı ıııııı ıı ıııı ııııı ııı ıııı ıııııı ıı ııı ıııı ııııı ıı ıııııı ııı ıııı
Die Zentralverband der Gewerkschaften.
ıııı ııı ıııııı ıı ıııı ııııı ııı ıııı ıııııı ıı ııı ıııı ııııı ıı ıııııı ııı ıııı ıııı ııı ıııııı ıı ıııı ııııı ııı ıııı ıııııı ıı ııı ıııı ııııı ıı ıııııı ııı ıııı ıııı ııı ıııııı ıı ıııı ııııı ııı ıııı ıııııı ıı ııı ıııı ııııı ıı ıııııı ııı ıııı ıııı ııı ıııııı ıı ıııı ııııı ııı ıııı ıııııı ıı ııı ıııı ııııı ıı ıııııı ııı ıııı ıııı ııı ıııııı ıı ıııı ııııı ııı ıııı ıııııı ıı ııı ıııı ııııı ıı ıııııı ııı ıııı ıııı ııı ıııııı ıı ıııı ııııı ııı ıııı ıııııı ıı ııı ıııı ııııı ıı ıııııı ııı ıııı ıııı ııı ıııııı ıı ıııı ııııı ııı ıııı ıııııı ıı ııı ıııı ııııı ıı ıııııı ııı ıııı ıııı ııı ıııııı ıı ıııı ııııı ııı ıııı ıııııı ıı ııı ıııı ııııı ıı ıııııı ııı ıııı ıııı ııı ıııııı ıı ıııı ııııı ııı ıııı ıııııı ıı ııı ıııı ııııı ıı ıııııı ııı ıııı ıııı ııı ıııııı ıı ıııı ııııı ııı ıııı ıııııı ıı ııı ıııı ııııı ıı ıııııı ııı ıııı ıııı ııı ıııııı ıı ıııı ııııı ııı ıııı ıııııı ıı ııı ıııı ııııı ıı ıııııı ııı ıııı ıııı ııı ıııııı ıı ıııı ııııı ııı ıııı ıııııı ıı ııı ıııı ııııı ıı ıııııı ııı ıııı
Der Herzog von Anhalt †
ıııı ııı ıııııı ıı ıııı ııııı ııı ıııı ıııııı ıı ııı ıııı ııııı ıı ıııııı ııı ıııı ıııı ııı ıııııı ıı ıııı ııııı ııı ıııı ıııııı ıı ııı ıııı ııııı ıı ıııııı ııı ıııı ıııı ııı ıııııı ıı ıııı ııııı ııı ıııı ıııııı ıı ııı ıııı ııııı ıı ıııııı ııı ıııı ıııı ııı ıııııı ıı ıııı ııııı ııı ıııı ıııııı ıı ııı ıııı ııııı ıı ıııııı ııı ıııı ıııı ııı ıııııı ıı ıııı ııııı ııı ıııı ıııııı ıı ııı ıııı ııııı ıı ıııııı ııı ıııı ıııı ııı ıııııı ıı ıııı ııııı ııı ıııı ıııııı ıı ııı ıııı ııııı ıı ıııııı ııı ıııı ıııı ııı ıııııı ıı ıııı ııııı ııı ıııı ıııııı ıı ııı ıııı ııııı ıı ıııııı ııı ıııı ıııı ııı ıııııı ıı ıııı ııııı ııı ıııı ıııııı ıı ııı ıııı ııııı ıı ıııııı ııı ıııı ıııı ııı ıııııı ıı ıııı ııııı ııı ıııı ıııııı ıı ııı ıııı ııııı ıı ıııııı ııı ıııı ıııı ııı ıııııı ıı ıııı ııııı ııı ıııı ıııııı ıı ııı ıııı ııııı ıı ıııııı ııı ıııı
Zur Vorgeschichte des Krieges.
ıııı ııı ıııııı ıı ıııı ııııı ııı ıııı ıııııı ıı ııı ıııı ııııı ıı ıııııı ııı ıııı ıııı ııı ıııııı ıı ıııı ııııı ııı ıııı ıııııı ıı ııı ıııı ııııı ıı ıııııı ııı ıııı ıııı ııı ıııııı ıı ıııı ııııı ııı ıııı ıııııı ıı ııı ıııı ııııı ıı ıııııı ııı ıııı ıııı ııı ıııııı ıı ıııı ııııı ııı ıııı ıııııı ıı ııı ıııı ııııı ıı ıııııı ııı ıııı ıııı ııı ıııııı ıı ıııı ııııı ııı ıııı ıııııı ıı ııı ıııı ııııı ıı ıııııı ııı ıııı ıııı ııı ıııııı ıı ıııı ııııı ııı ıııı ıııııı ıı ııı ıııı ııııı ıı ıııııı ııı ıııı ıııı ııı ıııııı ıı ıııı ııııı ııı ıııı ıııııı ıı ııı ıııı ııııı ıı ıııııı ııı ıııı ıııı ııı ıııııı ıı ıııı ııııı ııı ıııı ıııııı ıı ııı ıııı ııııı ıı ıııııı ııı ıııı ıııı ııı ıııııı ıı ıııı ııııı ııı ıııı ıııııı ıı ııı ıııı ııııı ıı ıııııı ııı ıııı ıııı ııı ıııııı ıı ıııı ııııı ııı ıııı ıııııı ıı ııı ıııı ııııı ıı ıııııı ııı ıııı
Reichstagsausschuß Zentral.
ıııı ııı ıııııı ıı ıııı ııııı ııı ıııı ıııııı ıı ııı ıııı ııııı ıı ıııııı ııı ıııı ıııı ııı ıııııı ıı ıııı ııııı ııı ıııı ıııııı ıı ııı ıııı ııııı ıı ıııııı ııı ıııı ıııı ııı ıııııı ıı ıııı ııııı ııı ıııı ıııııı ıı ııı ıııı ııııı ıı ıııııı ııı ıııı ıııı ııı ıııııı ıı ıııı ııııı ııı ıııı ıııııı ıı ııı ıııı ııııı ıı ıııııı ııı ıııı ıııı ııı ıııııı ıı ıııı ııııı ııı ıııı ıııııı ıı ııı ıııı ııııı ıı ıııııı ııı ıııı ıııı ııı ıııııı ıı ıııı ııııı ııı ıııı ıııııı ıı ııı ıııı ııııı ıı ıııııı ııı ıııı ıııı ııı ıııııı ıı ıııı ııııı ııı ıııı ıııııı ıı ııı ıııı ııııı ıı ıııııı ııı ıııı ıııı ııı ıııııı ıı ıııı ııııı ııı ıııı ıııııı ıı ııı ıııı ııııı ıı ıııııı ııı ıııı
Kleine Kriegsmeldungen.
ıııı ııı ıııııı ıı ıııı ııııı ııı ıııı ıııııı ıı ııı ıııı ııııı ıı ıııııı ııı ıııı ıııı ııı ıııııı ıı ıııı ııııı ııı ıııı ıııııı ıı ııı ıııı ııııı ıı ıııııı ııı ıııı ıııı ııı ıııııı ıı ıııı ııııı ııı ıııı ıııııı ıı ııı ıııı ııııı ıı ıııııı ııı ıııı ıııı ııı ıııııı ıı ıııı ııııı ııı ıııı ıııııı ıı ııı ıııı ııııı ıı ıııııı ııı ıııı ıııı ııı ıııııı ıı ıııı ııııı ııı ıııı ıııııı ıı ııı ıııı ııııı ıı ıııııı ııı ıııı ıııı ııı ıııııı ıı ıııı ııııı ııı ıııı ıııııı ıı ııı ıııı ııııı ıı ıııııı ııı ıııı ıııı ııı ıııııı ıı ıııı ııııı ııı ıııı ıııııı ıı ııı ıııı ııııı ıı ıııııı ııı ıııı ıııı ııı ıııııı ıı ıııı ııııı ııı ıııı ıııııı ıı ııı ıııı ııııı ıı ıııııı ııı ıııı ıııı ııı ıııııı ıı ıııı ııııı ııı ıııı ıııııı ıı ııı ıııı ııııı ıı ıııııı ııı ıııı ıııı ııı ıııııı ıı ıııı ııııı ııı ıııı ıııııı ıı ııı ıııı ııııı ıı ıııııı ııı ıııı
Luftschiffangriff zwischen Paris und London.
ıııı ııı ıııııı ıı ıııı ııııı ııı ıııı ıııııı ıı ııı ıııı ııııı ıı ıııııı ııı ıııı ıııı ııı ıııııı ıı ıııı ııııı ııı ıııı ıııııı ıı ııı ıııı ııııı ıı ıııııı ııı ıııı ıııı ııı ıııııı ıı ıııı ııııı ııı ıııı ıııııı ıı ııı ıııı ııııı ıı ıııııı ııı ıııı ıııı ııı ıııııı ıı ıııı ııııı ııı ıııı ıııııı ıı ııı ıııı ııııı ıı ıııııı ııı ıııı ıııı ııı ıııııı ıı ıııı ııııı ııı ıııı ıııııı ıı ııı ıııı ııııı ıı ıııııı ııı ıııı ıııı ııı ıııııı ıı ıııı ııııı ııı ıııı ıııııı ıı ııı ıııı ııııı ıı ıııııı ııı ıııı ıııı ııı ıııııı ıı ıııı ııııı ııı ıııı ıııııı ıı ııı ıııı ııııı ıı ıııııı ııı ıııı ıııı ııı ıııııı ıı ıııı ııııı ııı ıııı ıııııı ıı ııı ıııı ııııı ıı ıııııı ııı ıııı
